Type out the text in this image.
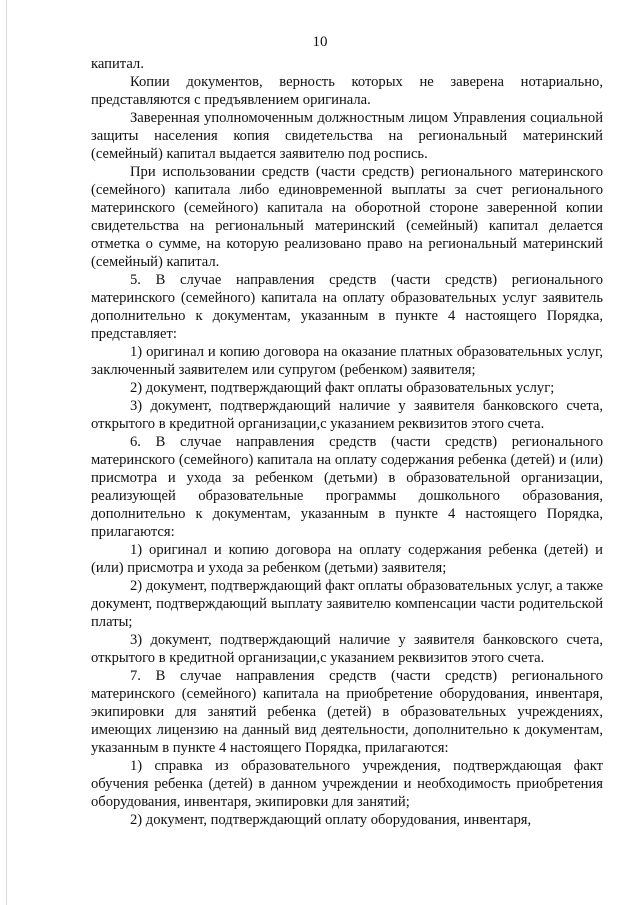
10

капитал.

Копии документов, верность которых не заверена нотариально, представляются с предъявлением оригинала.

Заверенная уполномоченным должностным лицом Управления социальной защиты населения копия свидетельства на региональный материнский (семейный) капитал выдается заявителю под роспись.

При использовании средств (части средств) регионального материнского (семейного) капитала либо единовременной выплаты за счет регионального материнского (семейного) капитала на оборотной стороне заверенной копии свидетельства на региональный материнский (семейный) капитал делается отметка о сумме, на которую реализовано право на региональный материнский (семейный) капитал.

5. В случае направления средств (части средств) регионального материнского (семейного) капитала на оплату образовательных услуг заявитель дополнительно к документам, указанным в пункте 4 настоящего Порядка, представляет:

1) оригинал и копию договора на оказание платных образовательных услуг, заключенный заявителем или супругом (ребенком) заявителя;

2) документ, подтверждающий факт оплаты образовательных услуг;

3) документ, подтверждающий наличие у заявителя банковского счета, открытого в кредитной организации,с указанием реквизитов этого счета.

6. В случае направления средств (части средств) регионального материнского (семейного) капитала на оплату содержания ребенка (детей) и (или) присмотра и ухода за ребенком (детьми) в образовательной организации, реализующей образовательные программы дошкольного образования, дополнительно к документам, указанным в пункте 4 настоящего Порядка, прилагаются:

1) оригинал и копию договора на оплату содержания ребенка (детей) и (или) присмотра и ухода за ребенком (детьми) заявителя;

2) документ, подтверждающий факт оплаты образовательных услуг, а также документ, подтверждающий выплату заявителю компенсации части родительской платы;

3) документ, подтверждающий наличие у заявителя банковского счета, открытого в кредитной организации,с указанием реквизитов этого счета.

7. В случае направления средств (части средств) регионального материнского (семейного) капитала на приобретение оборудования, инвентаря, экипировки для занятий ребенка (детей) в образовательных учреждениях, имеющих лицензию на данный вид деятельности, дополнительно к документам, указанным в пункте 4 настоящего Порядка, прилагаются:

1) справка из образовательного учреждения, подтверждающая факт обучения ребенка (детей) в данном учреждении и необходимость приобретения оборудования, инвентаря, экипировки для занятий;

2) документ, подтверждающий оплату оборудования, инвентаря,
